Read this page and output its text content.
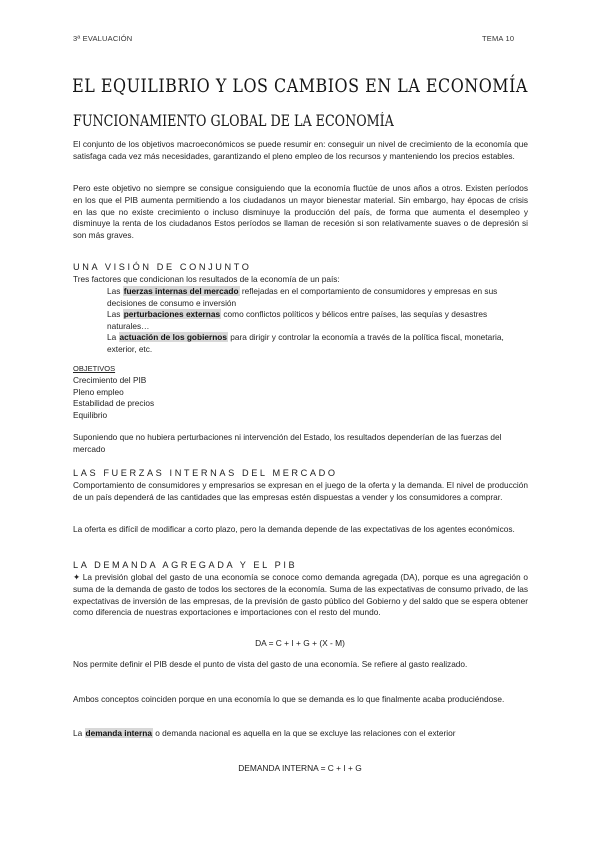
3ª EVALUACIÓN	TEMA 10
EL EQUILIBRIO Y LOS CAMBIOS EN LA ECONOMÍA
FUNCIONAMIENTO GLOBAL DE LA ECONOMÍA

El conjunto de los objetivos macroeconómicos se puede resumir en: conseguir un nivel de crecimiento de la economía que satisfaga cada vez más necesidades, garantizando el pleno empleo de los recursos y manteniendo los precios estables.

Pero este objetivo no siempre se consigue consiguiendo que la economía fluctúe de unos años a otros. Existen períodos en los que el PIB aumenta permitiendo a los ciudadanos un mayor bienestar material. Sin embargo, hay épocas de crisis en las que no existe crecimiento o incluso disminuye la producción del país, de forma que aumenta el desempleo y disminuye la renta de los ciudadanos Estos períodos se llaman de recesión si son relativamente suaves o de depresión si son más graves.

UNA VISIÓN DE CONJUNTO

Tres factores que condicionan los resultados de la economía de un país:

Las fuerzas internas del mercado reflejadas en el comportamiento de consumidores y empresas en sus decisiones de consumo e inversión

Las perturbaciones externas como conflictos políticos y bélicos entre países, las sequías y desastres naturales…

La actuación de los gobiernos para dirigir y controlar la economía a través de la política fiscal, monetaria, exterior, etc.

OBJETIVOS
Crecimiento del PIB
Pleno empleo
Estabilidad de precios
Equilibrio

Suponiendo que no hubiera perturbaciones ni intervención del Estado, los resultados dependerían de las fuerzas del mercado

LAS FUERZAS INTERNAS DEL MERCADO

Comportamiento de consumidores y empresarios se expresan en el juego de la oferta y la demanda. El nivel de producción de un país dependerá de las cantidades que las empresas estén dispuestas a vender y los consumidores a comprar.

La oferta es difícil de modificar a corto plazo, pero la demanda depende de las expectativas de los agentes económicos.

LA DEMANDA AGREGADA Y EL PIB

✦ La previsión global del gasto de una economía se conoce como demanda agregada (DA), porque es una agregación o suma de la demanda de gasto de todos los sectores de la economía. Suma de las expectativas de consumo privado, de las expectativas de inversión de las empresas, de la previsión de gasto público del Gobierno y del saldo que se espera obtener como diferencia de nuestras exportaciones e importaciones con el resto del mundo.

DA = C + I + G + (X - M)

Nos permite definir el PIB desde el punto de vista del gasto de una economía. Se refiere al gasto realizado.

Ambos conceptos coinciden porque en una economía lo que se demanda es lo que finalmente acaba produciéndose.

La demanda interna o demanda nacional es aquella en la que se excluye las relaciones con el exterior

DEMANDA INTERNA = C + I + G
